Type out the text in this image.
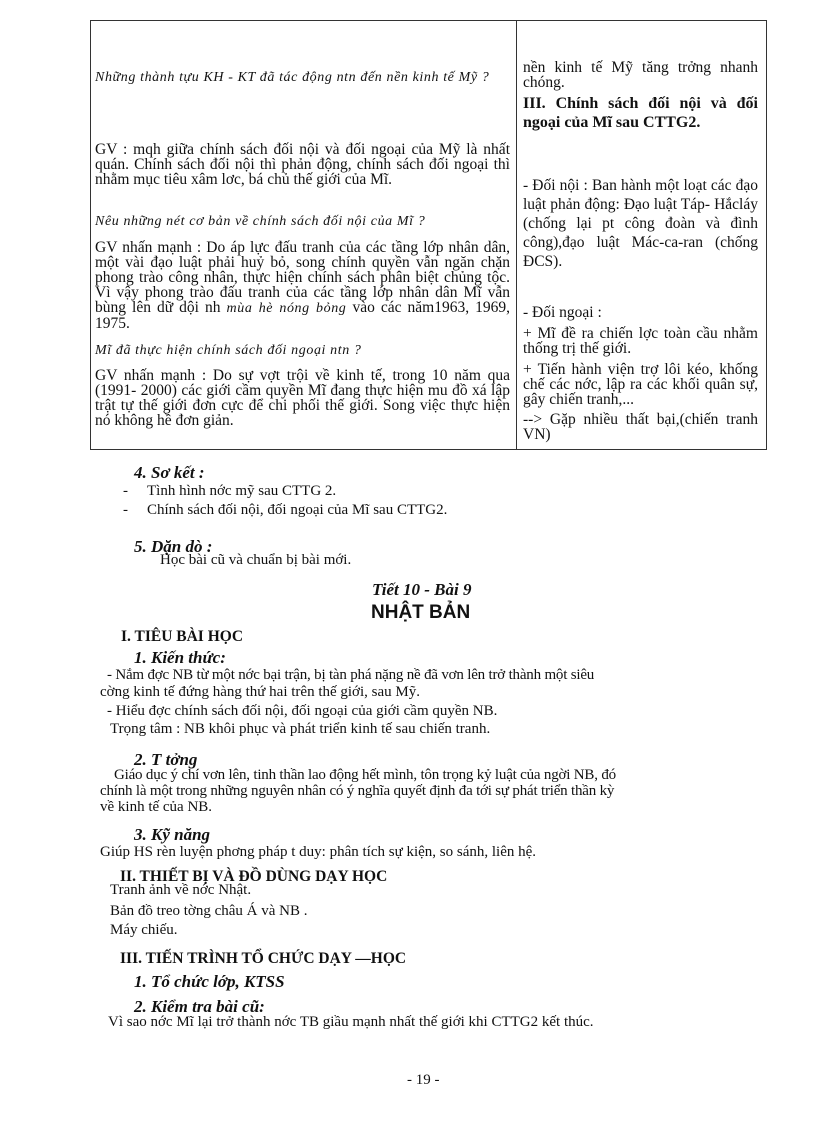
Những thành tựu KH - KT đã tác động ntn đến nền kinh tế Mỹ ?
GV : mqh giữa chính sách đối nội và đối ngoại của Mỹ là nhất quán. Chính sách đối nội thì phản động, chính sách đối ngoại thì nhằm mục tiêu xâm lơc, bá chủ thế giới của Mĩ.
Nêu những nét cơ bản về chính sách đối nội của Mĩ ?
GV nhấn mạnh : Do áp lực đấu tranh của các tầng lớp nhân dân, một vài đạo luật phải huỷ bỏ, song chính quyền vẫn ngăn chặn phong trào công nhân, thực hiện chính sách phân biệt chủng tộc. Vì vậy phong trào đấu tranh của các tầng lớp nhân dân Mĩ vẫn bùng lên dữ dội nh mùa hè nóng bỏng vào các năm1963, 1969, 1975.
Mĩ đã thực hiện chính sách đối ngoại ntn ?
GV nhấn mạnh : Do sự vợt trội về kinh tế, trong 10 năm qua (1991- 2000) các giới cầm quyền Mĩ đang thực hiện mu đồ xá lập trật tự thế giới đơn cực để chi phối thế giới. Song việc thực hiện nó không hề đơn giản.
nền kinh tế Mỹ tăng trởng nhanh chóng.
III. Chính sách đối nội và đối ngoại của Mĩ sau CTTG2.
- Đối nội : Ban hành một loạt các đạo luật phản động: Đạo luật Táp- Hắcláy (chống lại pt công đoàn và đình công),đạo luật Mác-ca-ran (chống ĐCS).
- Đối ngoại :
+ Mĩ đề ra chiến lợc toàn cầu nhằm thống trị thế giới.
+ Tiến hành viện trợ lôi kéo, khống chế các nớc, lập ra các khối quân sự, gây chiến tranh,...
--> Gặp nhiều thất bại,(chiến tranh VN)
4. Sơ kết :
- Tình hình nớc mỹ sau CTTG 2.
- Chính sách đối nội, đối ngoại của Mĩ sau CTTG2.
5. Dặn dò :
Học bài cũ và chuẩn bị bài mới.
Tiết 10 - Bài 9
NHẬT BẢN
I. TIÊU BÀI HỌC
1. Kiến thức:
- Nắm đợc NB từ một nớc bại trận, bị tàn phá nặng nề đã vơn lên trở thành một siêu
cờng kinh tế đứng hàng thứ hai trên thế giới, sau Mỹ.
- Hiểu đợc chính sách đối nội, đối ngoại của giới cầm quyền NB.
Trọng tâm : NB khôi phục và phát triển kinh tế sau chiến tranh.
2. T tởng
Giáo dục ý chí vơn lên, tinh thần lao động hết mình, tôn trọng kỷ luật của ngời NB, đó
chính là một trong những nguyên nhân có ý nghĩa quyết định đa tới sự phát triển thần kỳ
về kinh tế của NB.
3. Kỹ năng
Giúp HS rèn luyện phơng pháp t duy: phân tích sự kiện, so sánh, liên hệ.
II. THIẾT BỊ VÀ ĐỒ DÙNG DẠY HỌC
Tranh ảnh về nớc Nhật.
Bản đồ treo tờng châu Á và NB .
Máy chiếu.
III. TIẾN TRÌNH TỔ CHỨC DẠY —HỌC
1. Tổ chức lớp, KTSS
2. Kiểm tra bài cũ:
Vì sao nớc Mĩ lại trở thành nớc TB giầu mạnh nhất thế giới khi CTTG2 kết thúc.
- 19 -
